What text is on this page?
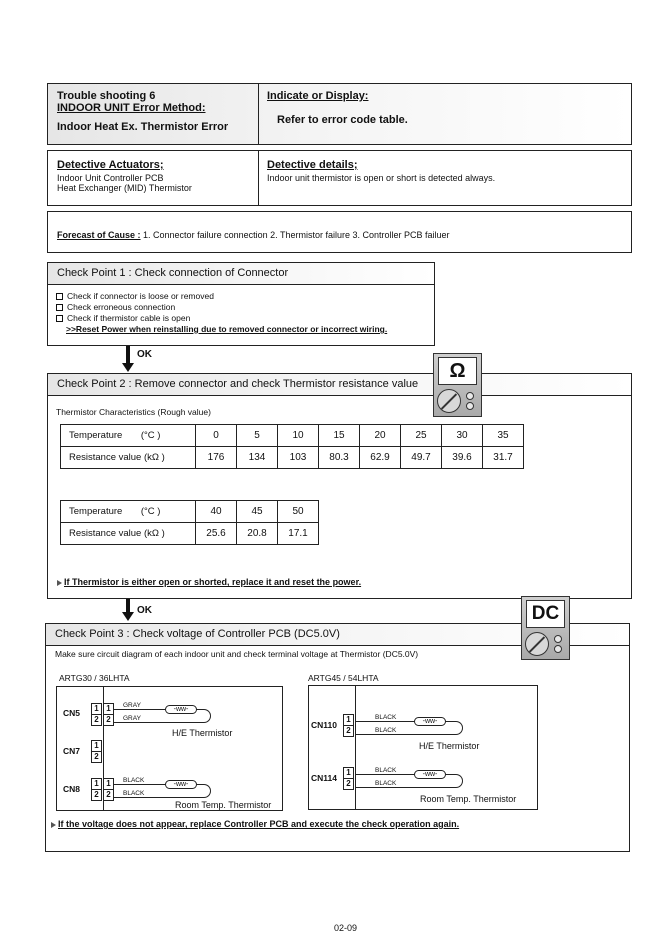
Trouble shooting 6
INDOOR UNIT Error Method:
Indoor Heat Ex. Thermistor Error
Indicate or Display:
Refer to error code table.
Detective Actuators;
Indoor Unit Controller PCB
Heat Exchanger (MID) Thermistor
Detective details;
Indoor unit thermistor is open or short is detected always.
Forecast of Cause : 1. Connector failure connection 2. Thermistor failure 3. Controller PCB failuer
Check Point 1 : Check connection of Connector
Check if connector is loose or removed
Check erroneous connection
Check if thermistor cable is open
>>Reset Power when reinstalling due to removed connector or incorrect wiring.
OK
Check Point 2 : Remove connector and check Thermistor resistance value
Thermistor Characteristics (Rough value)
Temperature (°C )	0	5	10	15	20	25	30	35
Resistance value (kΩ )	176	134	103	80.3	62.9	49.7	39.6	31.7
Temperature (°C )	40	45	50
Resistance value (kΩ )	25.6	20.8	17.1
If Thermistor is either open or shorted, replace it and reset the power.
Ω
OK
Check Point 3 : Check voltage of Controller PCB (DC5.0V)
Make sure circuit diagram of each indoor unit and check terminal voltage at Thermistor (DC5.0V)
ARTG30 / 36LHTA	ARTG45 / 54LHTA
CN5	1
2
1
2
GRAY
GRAY
-ww-
H/E Thermistor
CN7
1
2
CN8
1
2
1
2
BLACK
BLACK
-ww-
Room Temp. Thermistor
CN110
1
2
BLACK
BLACK
-ww-
H/E Thermistor
CN114
1
2
BLACK
BLACK
-ww-
Room Temp. Thermistor
If the voltage does not appear, replace Controller PCB and execute the check operation again.
DC
02-09
